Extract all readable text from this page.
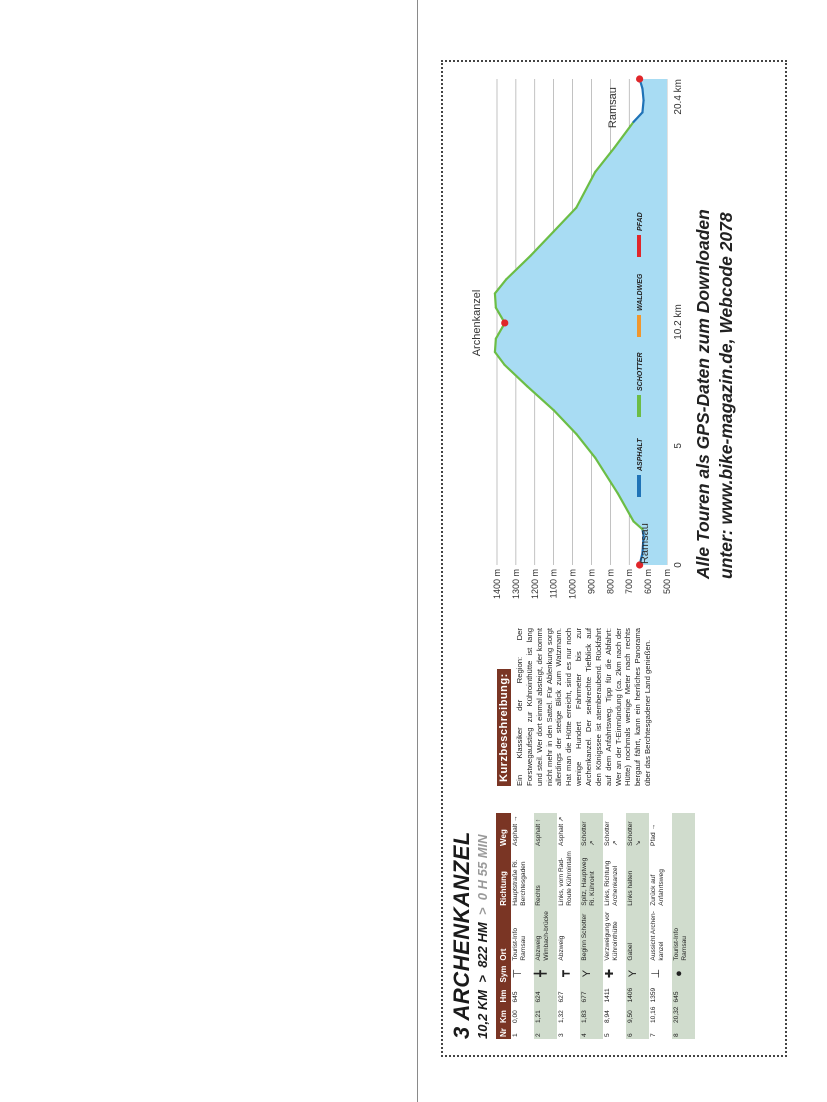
3 ARCHENKANZEL 10,2 KM  >  822 HM  >  0 H 55 MIN
Nr	Km	Hm	Sym	Ort	Richtung	Weg
1	0,00	645	⊤	Tourist-Info Ramsau	Hauptstraße Ri. Berchtesgaden	Asphalt →
2	1,21	624	╋	Abzweig Wimbach-brücke	Rechts	Asphalt ↑
3	1,32	627	┳	Abzweig	Links, vorn Rad-Route Kührointalm	Asphalt ↗
4	1,83	677	Y	Beginn Schotter	Spitz, Hauptweg Ri. Kühroint	Schotter ↗
5	8,94	1411	✚	Verzweigung vor Kührointhütte	Links, Richtung Archenkanzel	Schotter ↗
6	9,50	1406	Y	Gabel	Links halten	Schotter ↘
7	10,16	1359	⊥	Aussicht Archen-kanzel	Zurück auf Anfahrtsweg	Pfad →
8	20,32	645	●	Tourist-Info Ramsau		
Kurzbeschreibung: Ein Klassiker der Region: Der Forstwegaufstieg zur Kührointhütte ist lang und steil. Wer dort einmal absteigt, der kommt nicht mehr in den Sattel. Für Ablenkung sorgt allerdings der stetige Blick zum Watzmann. Hat man die Hütte erreicht, sind es nur noch wenige Hundert Fahrmeter bis zur Archenkanzel. Der senkrechte Tiefblick auf den Königssee ist atemberaubend. Rückfahrt auf dem Anfahrtsweg. Tipp für die Abfahrt: Wer an der T-Einmündung (ca. 2km nach der Hütte) nochmals wenige Meter nach rechts bergauf fährt, kann ein herrliches Panorama über das Berchtesgadener Land genießen.
1400 m 1300 m 1200 m 1100 m 1000 m 900 m 800 m 700 m 600 m 500 m
0
5
10.2 km
20.4 km
Ramsau
Archenkanzel
Ramsau
ASPHALT
SCHOTTER
WALDWEG
PFAD	Alle Touren als GPS-Daten zum Downloaden unter: www.bike-magazin.de, Webcode 2078
